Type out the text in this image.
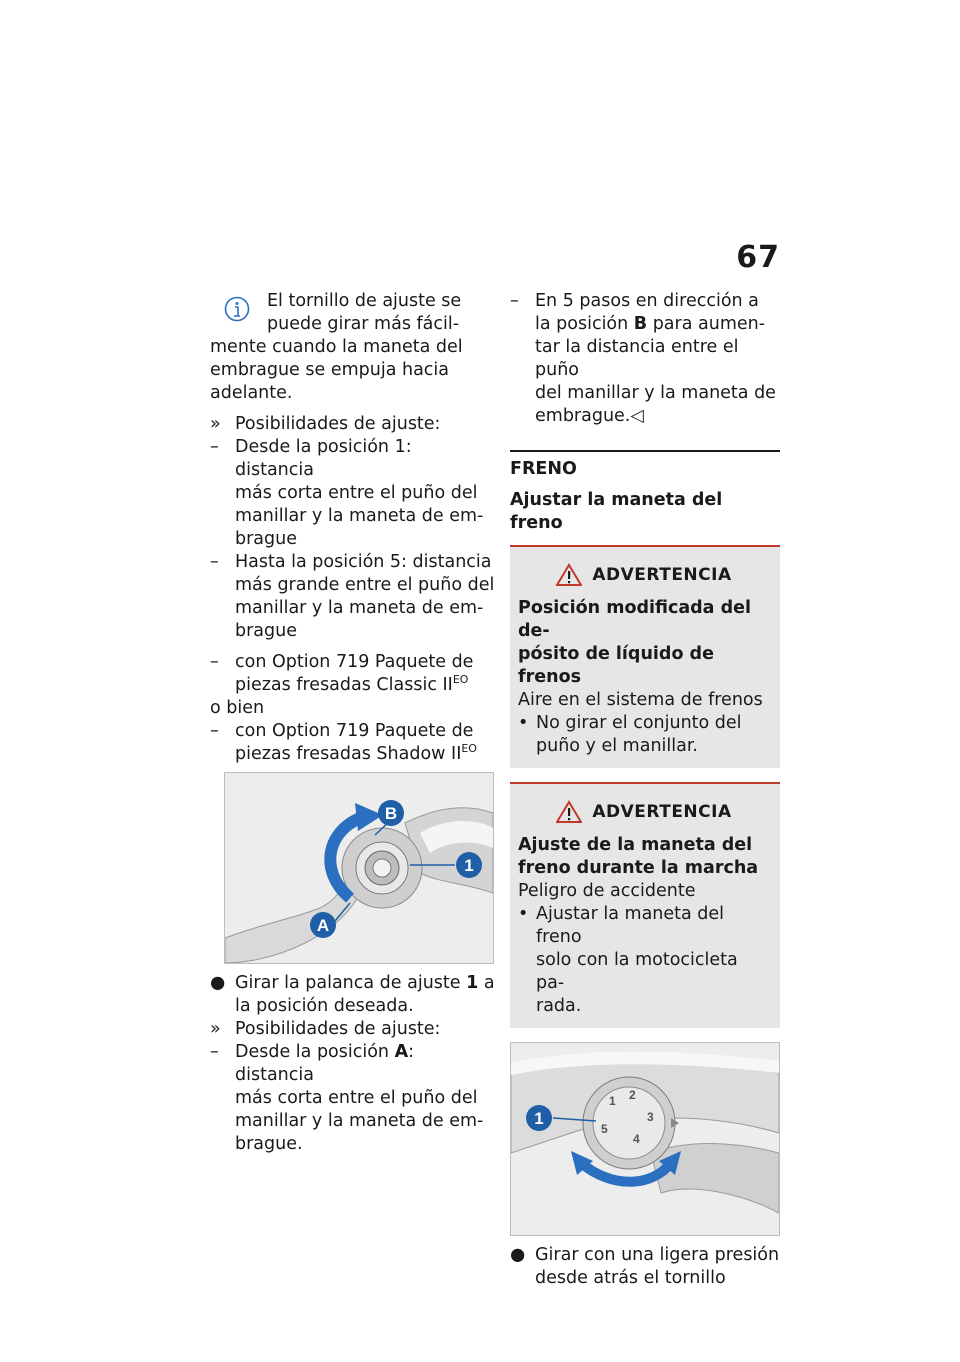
67

El tornillo de ajuste se

puede girar más fácil-

mente cuando la maneta del

embrague se empuja hacia

adelante.

» Posibilidades de ajuste:

– Desde la posición 1: distancia
más corta entre el puño del
manillar y la maneta de em-
brague
– Hasta la posición 5: distancia
más grande entre el puño del
manillar y la maneta de em-
brague
– con Option 719 Paquete de
piezas fresadas Classic $II^{EO}$

o bien

– con Option 719 Paquete de
piezas fresadas Shadow $II^{EO}$
B
1
A
● Girar la palanca de ajuste 1 a
la posición deseada.

» Posibilidades de ajuste:

– Desde la posición A: distancia
más corta entre el puño del
manillar y la maneta de em-
brague.
– En 5 pasos en dirección a
la posición B para aumen-
tar la distancia entre el puño
del manillar y la maneta de
embrague.◁

FRENO

Ajustar la maneta del freno

ADVERTENCIA

Posición modificada del de-
pósito de líquido de frenos

Aire en el sistema de frenos

• No girar el conjunto del
puño y el manillar.
ADVERTENCIA

Ajuste de la maneta del
freno durante la marcha

Peligro de accidente

• Ajustar la maneta del freno
solo con la motocicleta pa-
rada.
1 2
3
4
5
1
● Girar con una ligera presión
desde atrás el tornillo
